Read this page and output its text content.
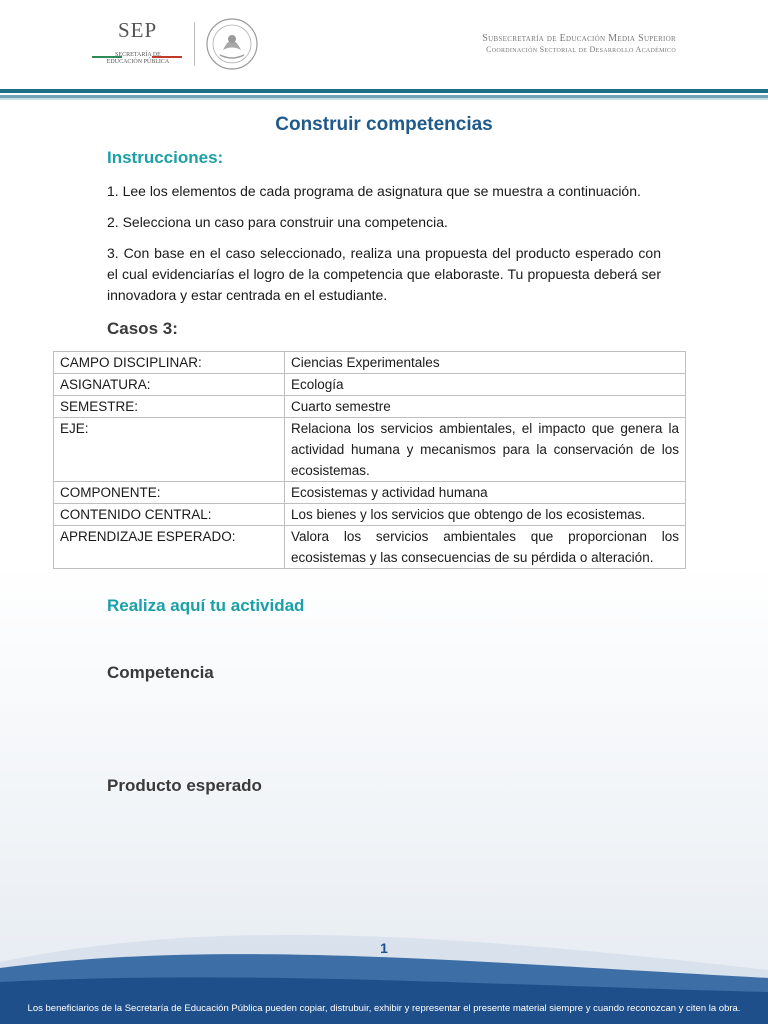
SEP
SECRETARÍA DE
EDUCACIÓN PÚBLICA
Subsecretaría de Educación Media Superior
Coordinación Sectorial de Desarrollo Académico
Construir competencias
Instrucciones:
1. Lee los elementos de cada programa de asignatura que se muestra a continuación.
2. Selecciona un caso para construir una competencia.
3. Con base en el caso seleccionado, realiza una propuesta del producto esperado con el cual evidenciarías el logro de la competencia que elaboraste. Tu propuesta deberá ser innovadora y estar centrada en el estudiante.
Casos 3:
CAMPO DISCIPLINAR:	Ciencias Experimentales
ASIGNATURA:	Ecología
SEMESTRE:	Cuarto semestre
EJE:	Relaciona los servicios ambientales, el impacto que genera la actividad humana y mecanismos para la conservación de los ecosistemas.
COMPONENTE:	Ecosistemas y actividad humana
CONTENIDO CENTRAL:	Los bienes y los servicios que obtengo de los ecosistemas.
APRENDIZAJE ESPERADO:	Valora los servicios ambientales que proporcionan los ecosistemas y las consecuencias de su pérdida o alteración.
Realiza aquí tu actividad
Competencia
Producto esperado
1
Los beneficiarios de la Secretaría de Educación Pública pueden copiar, distrubuir, exhibir y representar el presente material siempre y cuando reconozcan y citen la obra.
